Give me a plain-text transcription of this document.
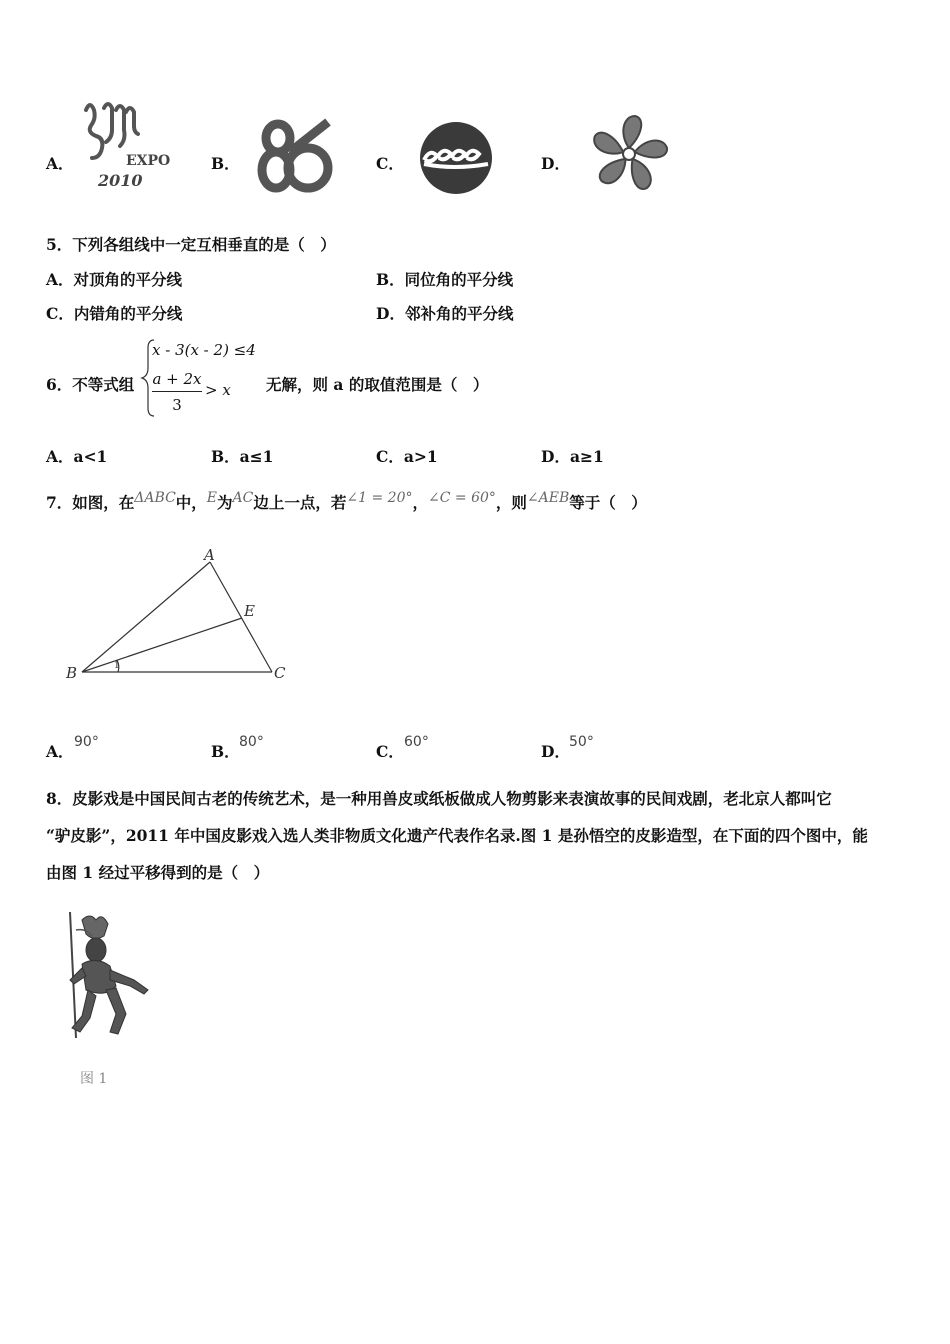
A．	EXPO
2010
B．	C．	D．
5．下列各组线中一定互相垂直的是（　）
A．对顶角的平分线	B．同位角的平分线
C．内错角的平分线	D．邻补角的平分线
6．不等式组
x - 3(x - 2) ≤4
a + 2x
3
> x 无解，则 a 的取值范围是（　）
A．a<1	B．a≤1	C．a>1	D．a≥1
7．如图，在ΔABC中，E为AC边上一点，若∠1 = 20°，∠C = 60°，则∠AEB等于（　）
A
B	C
E
1
A． 90°	B． 80°	C． 60°	D． 50°
8．皮影戏是中国民间古老的传统艺术，是一种用兽皮或纸板做成人物剪影来表演故事的民间戏剧，老北京人都叫它
“驴皮影”，2011 年中国皮影戏入选人类非物质文化遗产代表作名录.图 1 是孙悟空的皮影造型，在下面的四个图中，能
由图 1 经过平移得到的是（　）
图 1
